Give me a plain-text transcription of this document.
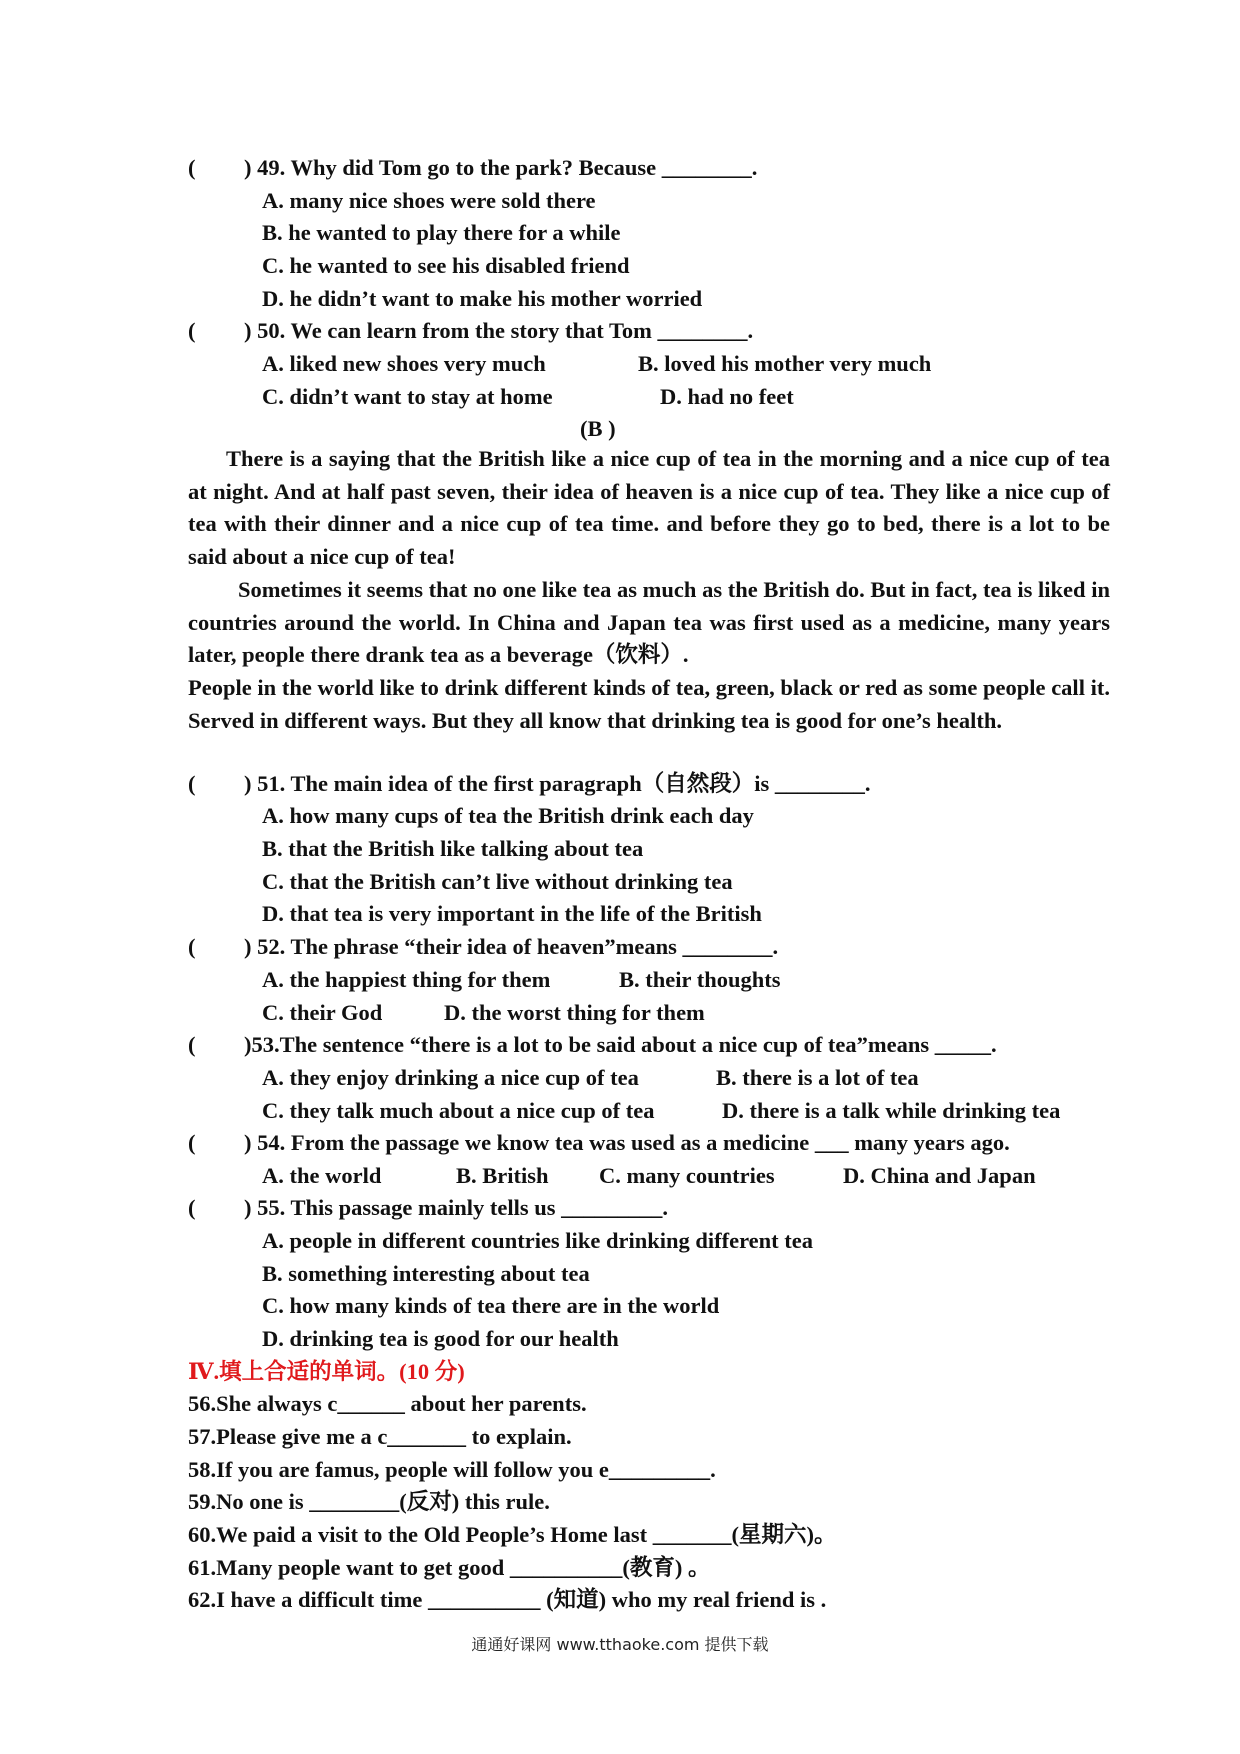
( ) 49. Why did Tom go to the park? Because ________.
A. many nice shoes were sold there
B. he wanted to play there for a while
C. he wanted to see his disabled friend
D. he didn’t want to make his mother worried
( ) 50. We can learn from the story that Tom ________.
A. liked new shoes very much	B. loved his mother very much
C. didn’t want to stay at home	D. had no feet
(B )

There is a saying that the British like a nice cup of tea in the morning and a nice cup of tea at night. And at half past seven, their idea of heaven is a nice cup of tea. They like a nice cup of tea with their dinner and a nice cup of tea time. and before they go to bed, there is a lot to be said about a nice cup of tea!

Sometimes it seems that no one like tea as much as the British do. But in fact, tea is liked in countries around the world. In China and Japan tea was first used as a medicine, many years later, people there drank tea as a beverage（饮料）.

People in the world like to drink different kinds of tea, green, black or red as some people call it. Served in different ways. But they all know that drinking tea is good for one’s health.

( ) 51. The main idea of the first paragraph（自然段）is ________.
A. how many cups of tea the British drink each day
B. that the British like talking about tea
C. that the British can’t live without drinking tea
D. that tea is very important in the life of the British
( ) 52. The phrase “their idea of heaven”means ________.
A. the happiest thing for them	B. their thoughts
C. their God	D. the worst thing for them
( )53.The sentence “there is a lot to be said about a nice cup of tea”means _____.
A. they enjoy drinking a nice cup of tea	B. there is a lot of tea
C. they talk much about a nice cup of tea	D. there is a talk while drinking tea
( ) 54. From the passage we know tea was used as a medicine ___ many years ago.
A. the world	B. British C. many countries	D. China and Japan
( ) 55. This passage mainly tells us _________.
A. people in different countries like drinking different tea
B. something interesting about tea
C. how many kinds of tea there are in the world
D. drinking tea is good for our health
Ⅳ.填上合适的单词。(10 分)
56.She always c______ about her parents.
57.Please give me a c_______ to explain.
58.If you are famus, people will follow you e_________.
59.No one is ________(反对) this rule.
60.We paid a visit to the Old People’s Home last _______(星期六)。
61.Many people want to get good __________(教育) 。
62.I have a difficult time __________ (知道) who my real friend is .
通通好课网 www.tthaoke.com 提供下载
